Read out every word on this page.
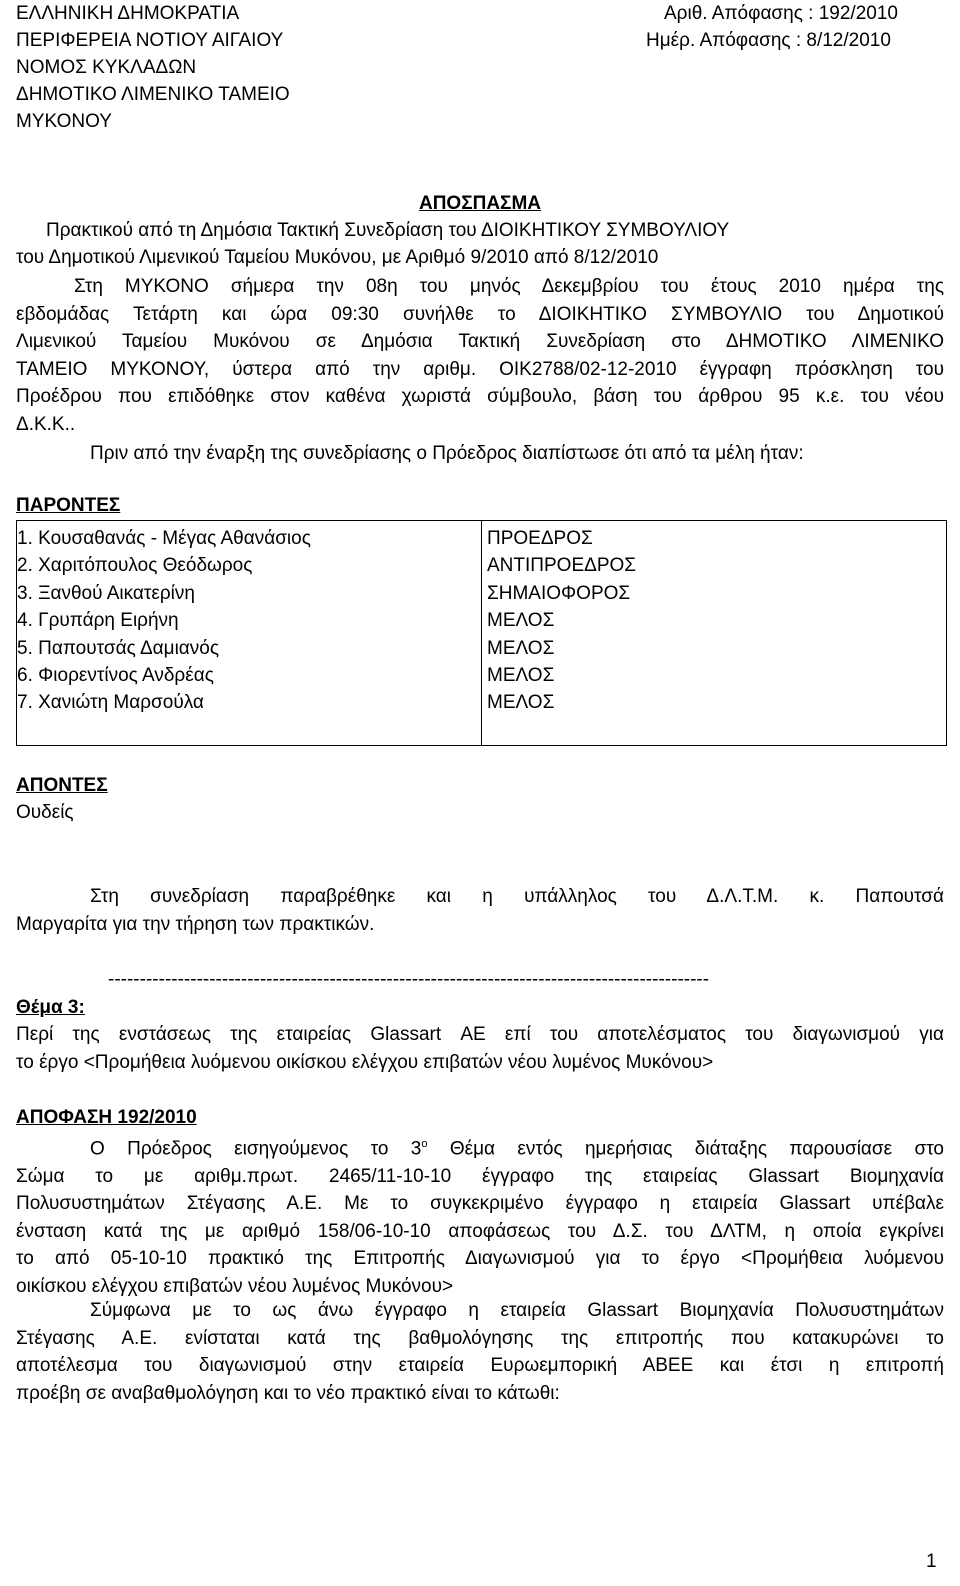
ΕΛΛΗΝΙΚΗ ΔΗΜΟΚΡΑΤΙΑ
ΠΕΡΙΦΕΡΕΙΑ ΝΟΤΙΟΥ ΑΙΓΑΙΟΥ
ΝΟΜΟΣ ΚΥΚΛΑΔΩΝ
ΔΗΜΟΤΙΚΟ ΛΙΜΕΝΙΚΟ ΤΑΜΕΙΟ
ΜΥΚΟΝΟΥ
Αριθ. Απόφασης : 192/2010
Ημέρ. Απόφασης : 8/12/2010
ΑΠΟΣΠΑΣΜΑ
Πρακτικού από τη Δημόσια Τακτική Συνεδρίαση του ΔΙΟΙΚΗΤΙΚΟΥ ΣΥΜΒΟΥΛΙΟΥ
του Δημοτικού Λιμενικού Ταμείου Μυκόνου, με Αριθμό 9/2010 από 8/12/2010
Στη ΜΥΚΟΝΟ σήμερα την 08η του μηνός Δεκεμβρίου του έτους 2010 ημέρα της
εβδομάδας Τετάρτη και ώρα 09:30 συνήλθε το ΔΙΟΙΚΗΤΙΚΟ ΣΥΜΒΟΥΛΙΟ του Δημοτικού
Λιμενικού Ταμείου Μυκόνου σε Δημόσια Τακτική Συνεδρίαση στο ΔΗΜΟΤΙΚΟ ΛΙΜΕΝΙΚΟ
ΤΑΜΕΙΟ ΜΥΚΟΝΟΥ, ύστερα από την αριθμ. ΟΙΚ2788/02-12-2010 έγγραφη πρόσκληση του
Προέδρου που επιδόθηκε στον καθένα χωριστά σύμβουλο, βάση του άρθρου 95 κ.ε. του νέου
Δ.Κ.Κ..
Πριν από την έναρξη της συνεδρίασης ο Πρόεδρος διαπίστωσε ότι από τα μέλη ήταν:
ΠΑΡΟΝΤΕΣ
1. Κουσαθανάς - Μέγας Αθανάσιος
2. Χαριτόπουλος Θεόδωρος
3. Ξανθού Αικατερίνη
4. Γρυπάρη Ειρήνη
5. Παπουτσάς Δαμιανός
6. Φιορεντίνος Ανδρέας
7. Χανιώτη Μαρσούλα
ΠΡΟΕΔΡΟΣ
ΑΝΤΙΠΡΟΕΔΡΟΣ
ΣΗΜΑΙΟΦΟΡΟΣ
ΜΕΛΟΣ
ΜΕΛΟΣ
ΜΕΛΟΣ
ΜΕΛΟΣ
ΑΠΟΝΤΕΣ
Ουδείς
Στη συνεδρίαση παραβρέθηκε και η υπάλληλος του Δ.Λ.Τ.Μ. κ. Παπουτσά
Μαργαρίτα για την τήρηση των πρακτικών.
-----------------------------------------------------------------------------------------------
Θέμα 3:
Περί της ενστάσεως της εταιρείας Glassart ΑΕ επί του αποτελέσματος του διαγωνισμού για
το έργο <Προμήθεια λυόμενου οικίσκου ελέγχου επιβατών νέου λυμένος Μυκόνου>
ΑΠΟΦΑΣΗ 192/2010
Ο Πρόεδρος εισηγούμενος το $3^o$ Θέμα εντός ημερήσιας διάταξης παρουσίασε στο
Σώμα το με αριθμ.πρωτ. 2465/11-10-10 έγγραφο της εταιρείας Glassart Βιομηχανία
Πολυσυστημάτων Στέγασης Α.Ε. Με το συγκεκριμένο έγγραφο η εταιρεία Glassart υπέβαλε
ένσταση κατά της με αριθμό 158/06-10-10 αποφάσεως του Δ.Σ. του ΔΛΤΜ, η οποία εγκρίνει
το από 05-10-10 πρακτικό της Επιτροπής Διαγωνισμού για το έργο <Προμήθεια λυόμενου
οικίσκου ελέγχου επιβατών νέου λυμένος Μυκόνου>
Σύμφωνα με το ως άνω έγγραφο η εταιρεία Glassart Βιομηχανία Πολυσυστημάτων
Στέγασης Α.Ε. ενίσταται κατά της βαθμολόγησης της επιτροπής που κατακυρώνει το
αποτέλεσμα του διαγωνισμού στην εταιρεία Ευρωεμπορική ΑΒΕΕ και έτσι η επιτροπή
προέβη σε αναβαθμολόγηση και το νέο πρακτικό είναι το κάτωθι:
1
